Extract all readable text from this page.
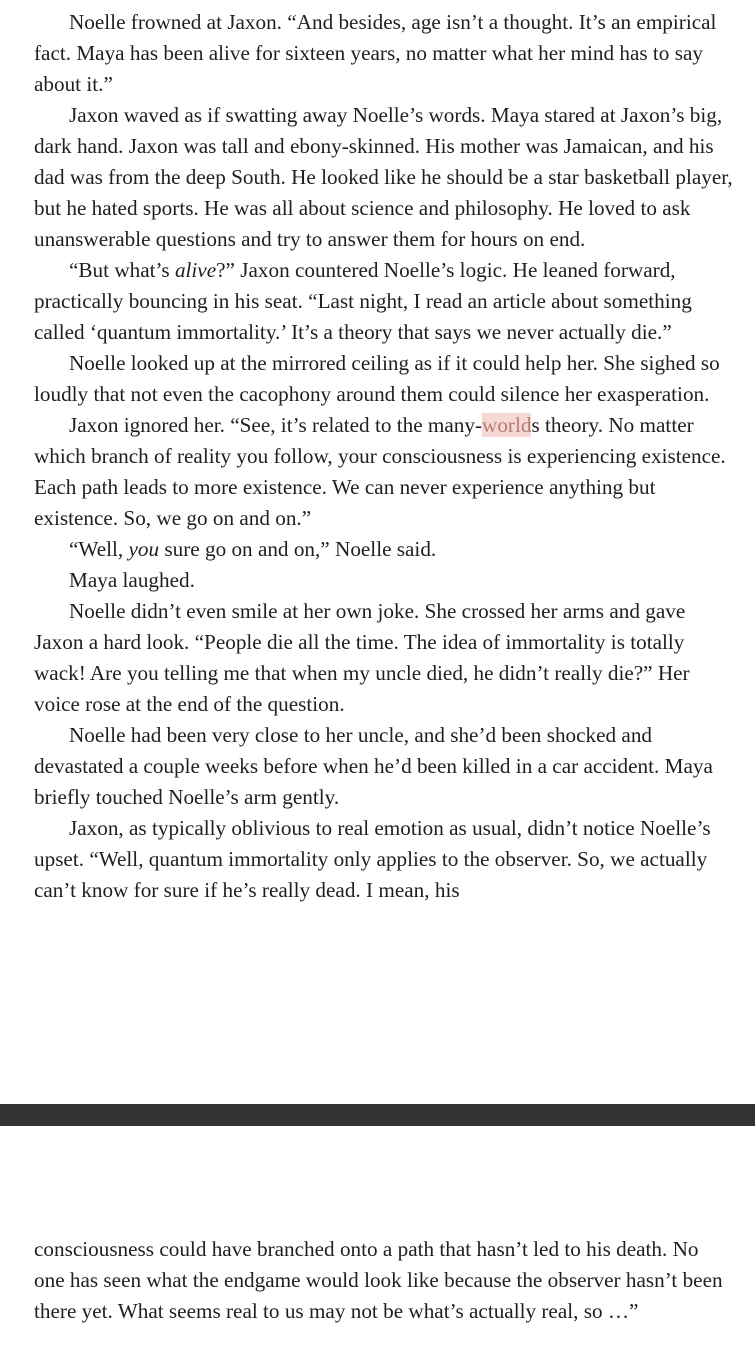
Noelle frowned at Jaxon. “And besides, age isn’t a thought. It’s an empirical fact. Maya has been alive for sixteen years, no matter what her mind has to say about it.”

Jaxon waved as if swatting away Noelle’s words. Maya stared at Jaxon’s big, dark hand. Jaxon was tall and ebony-skinned. His mother was Jamaican, and his dad was from the deep South. He looked like he should be a star basketball player, but he hated sports. He was all about science and philosophy. He loved to ask unanswerable questions and try to answer them for hours on end.

“But what’s alive?” Jaxon countered Noelle’s logic. He leaned forward, practically bouncing in his seat. “Last night, I read an article about something called ‘quantum immortality.’ It’s a theory that says we never actually die.”

Noelle looked up at the mirrored ceiling as if it could help her. She sighed so loudly that not even the cacophony around them could silence her exasperation.

Jaxon ignored her. “See, it’s related to the many-worlds theory. No matter which branch of reality you follow, your consciousness is experiencing existence. Each path leads to more existence. We can never experience anything but existence. So, we go on and on.”

“Well, you sure go on and on,” Noelle said.

Maya laughed.

Noelle didn’t even smile at her own joke. She crossed her arms and gave Jaxon a hard look. “People die all the time. The idea of immortality is totally wack! Are you telling me that when my uncle died, he didn’t really die?” Her voice rose at the end of the question.

Noelle had been very close to her uncle, and she’d been shocked and devastated a couple weeks before when he’d been killed in a car accident. Maya briefly touched Noelle’s arm gently.

Jaxon, as typically oblivious to real emotion as usual, didn’t notice Noelle’s upset. “Well, quantum immortality only applies to the observer. So, we actually can’t know for sure if he’s really dead. I mean, his

consciousness could have branched onto a path that hasn’t led to his death. No one has seen what the endgame would look like because the observer hasn’t been there yet. What seems real to us may not be what’s actually real, so …”
